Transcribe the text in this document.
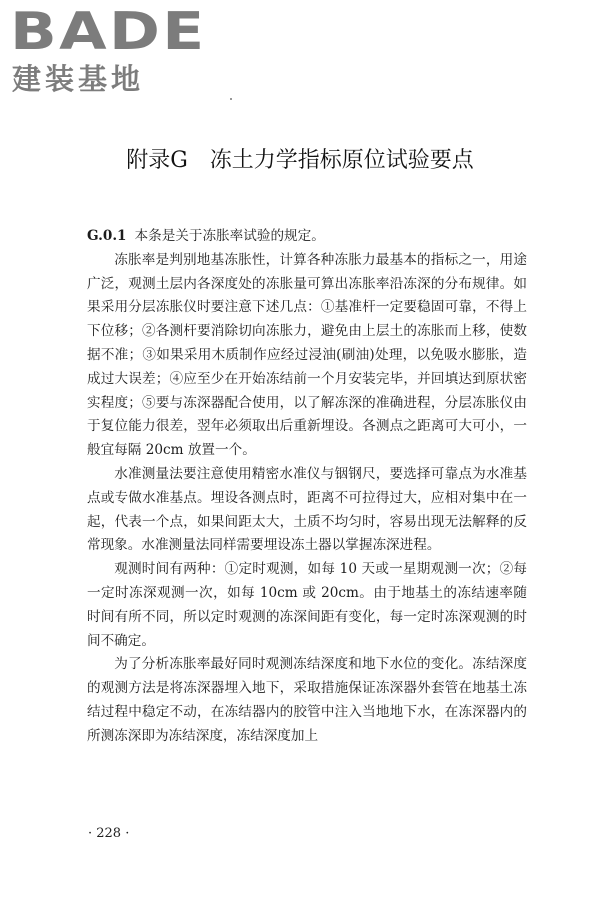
BADE
建装基地
附录G　冻土力学指标原位试验要点

G.0.1 本条是关于冻胀率试验的规定。

冻胀率是判别地基冻胀性，计算各种冻胀力最基本的指标之一，用途广泛，观测土层内各深度处的冻胀量可算出冻胀率沿冻深的分布规律。如果采用分层冻胀仪时要注意下述几点：①基准杆一定要稳固可靠，不得上下位移；②各测杆要消除切向冻胀力，避免由上层土的冻胀而上移，使数据不准；③如果采用木质制作应经过浸油(刷油)处理，以免吸水膨胀，造成过大误差；④应至少在开始冻结前一个月安装完毕，并回填达到原状密实程度；⑤要与冻深器配合使用，以了解冻深的准确进程，分层冻胀仪由于复位能力很差，翌年必须取出后重新埋设。各测点之距离可大可小，一般宜每隔 20cm 放置一个。

水准测量法要注意使用精密水准仪与铟钢尺，要选择可靠点为水准基点或专做水准基点。埋设各测点时，距离不可拉得过大，应相对集中在一起，代表一个点，如果间距太大，土质不均匀时，容易出现无法解释的反常现象。水准测量法同样需要埋设冻土器以掌握冻深进程。

观测时间有两种：①定时观测，如每 10 天或一星期观测一次；②每一定时冻深观测一次，如每 10cm 或 20cm。由于地基土的冻结速率随时间有所不同，所以定时观测的冻深间距有变化，每一定时冻深观测的时间不确定。

为了分析冻胀率最好同时观测冻结深度和地下水位的变化。冻结深度的观测方法是将冻深器埋入地下，采取措施保证冻深器外套管在地基土冻结过程中稳定不动，在冻结器内的胶管中注入当地地下水，在冻深器内的所测冻深即为冻结深度，冻结深度加上

· 228 ·
